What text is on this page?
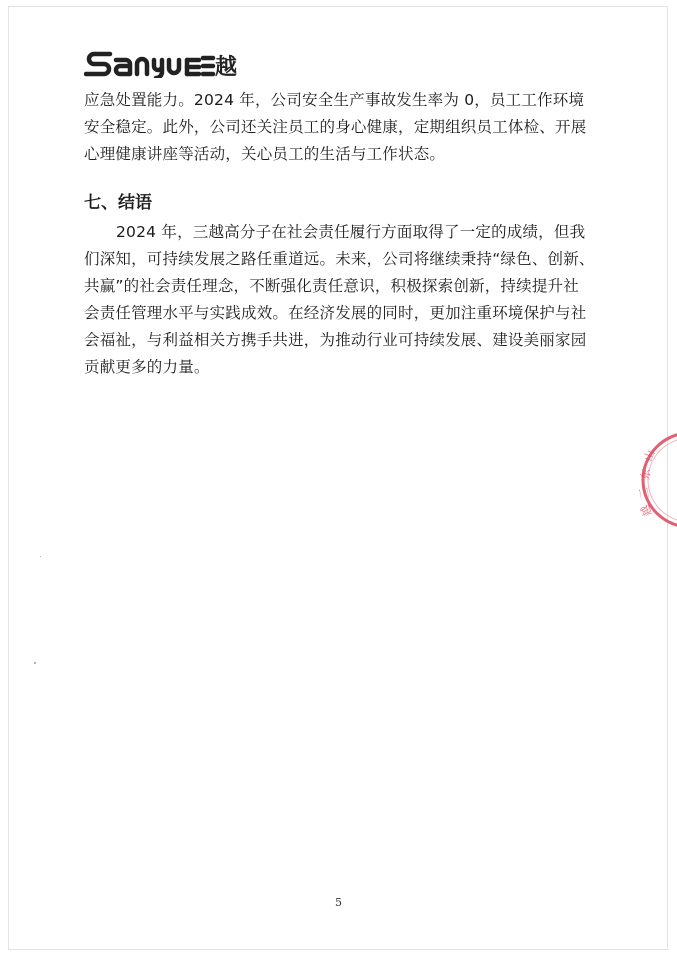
越
应急处置能力。2024 年，公司安全生产事故发生率为 0，员工工作环境
安全稳定。此外，公司还关注员工的身心健康，定期组织员工体检、开展
心理健康讲座等活动，关心员工的生活与工作状态。
七、结语
2024 年，三越高分子在社会责任履行方面取得了一定的成绩，但我
们深知，可持续发展之路任重道远。未来，公司将继续秉持“绿色、创新、
共赢”的社会责任理念，不断强化责任意识，积极探索创新，持续提升社
会责任管理水平与实践成效。在经济发展的同时，更加注重环境保护与社
会福祉，与利益相关方携手共进，为推动行业可持续发展、建设美丽家园
贡献更多的力量。
山
东
三
越
5
